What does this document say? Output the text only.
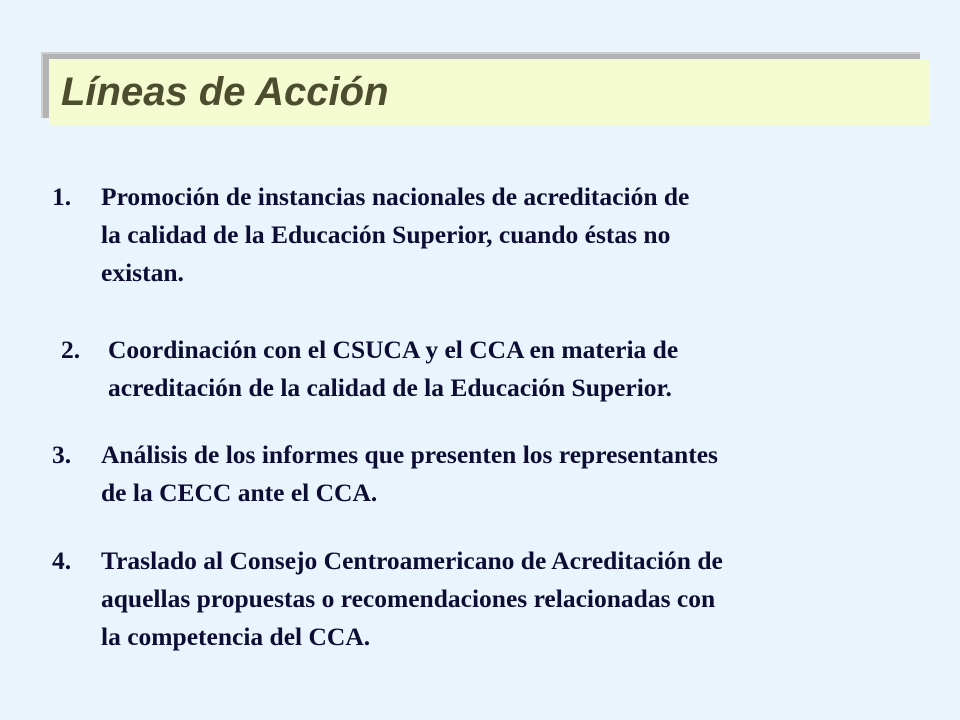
Líneas de Acción
1. Promoción de instancias nacionales de acreditación de
la calidad de la Educación Superior, cuando éstas no
existan.
2. Coordinación con el CSUCA y el CCA en materia de
acreditación de la calidad de la Educación Superior.
3. Análisis de los informes que presenten los representantes
de la CECC ante el CCA.
4. Traslado al Consejo Centroamericano de Acreditación de
aquellas propuestas o recomendaciones relacionadas con
la competencia del CCA.
